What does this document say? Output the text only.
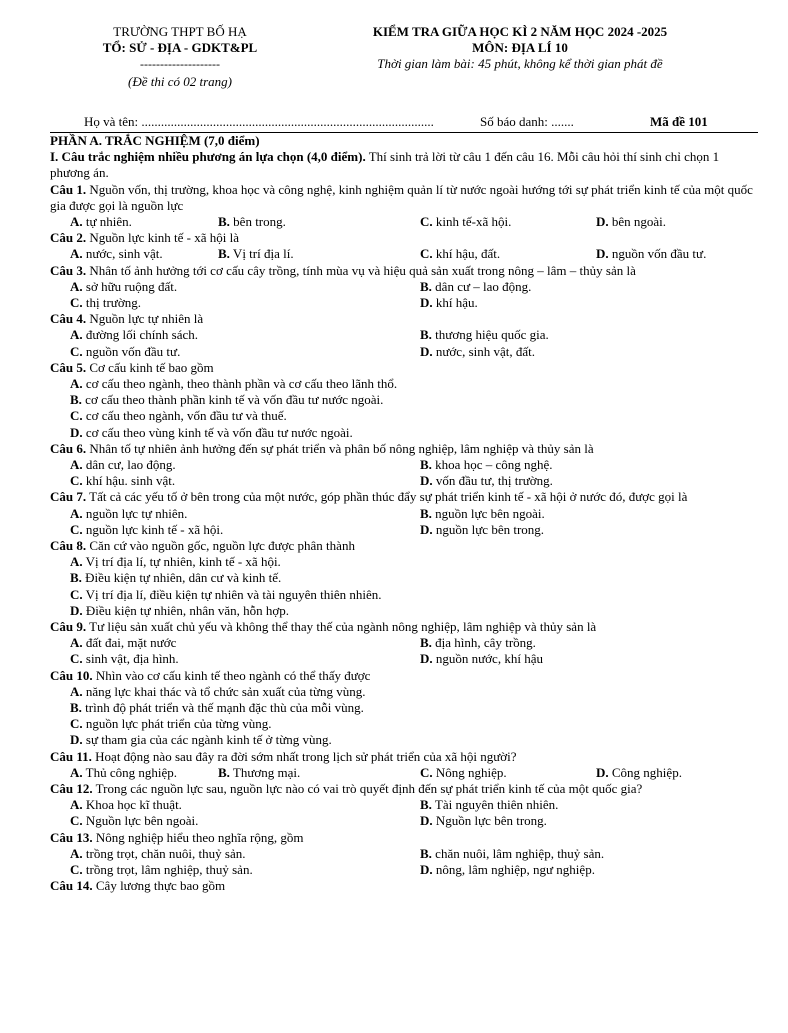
TRƯỜNG THPT BỐ HẠ
TỔ: SỬ - ĐỊA - GDKT&PL
--------------------
(Đề thi có 02 trang)
KIỂM TRA GIỮA HỌC KÌ 2 NĂM HỌC 2024 -2025
MÔN: ĐỊA LÍ 10
Thời gian làm bài: 45 phút, không kể thời gian phát đề
Họ và tên: ..........................................................................................	Số báo danh: .......	Mã đề 101
PHẦN A. TRẮC NGHIỆM (7,0 điểm)
I. Câu trắc nghiệm nhiều phương án lựa chọn (4,0 điểm). Thí sinh trả lời từ câu 1 đến câu 16. Mỗi câu hỏi thí sinh chỉ chọn 1 phương án.
Câu 1. Nguồn vốn, thị trường, khoa học và công nghệ, kinh nghiệm quản lí từ nước ngoài hướng tới sự phát triển kinh tế của một quốc gia được gọi là nguồn lực
A. tự nhiên.	B. bên trong.	C. kinh tế-xã hội.	D. bên ngoài.
Câu 2. Nguồn lực kinh tế - xã hội là
A. nước, sinh vật.	B. Vị trí địa lí.	C. khí hậu, đất.	D. nguồn vốn đầu tư.
Câu 3. Nhân tố ảnh hưởng tới cơ cấu cây trồng, tính mùa vụ và hiệu quả sản xuất trong nông – lâm – thủy sản là
A. sở hữu ruộng đất.	B. dân cư – lao động.
C. thị trường.	D. khí hậu.
Câu 4. Nguồn lực tự nhiên là
A. đường lối chính sách.	B. thương hiệu quốc gia.
C. nguồn vốn đầu tư.	D. nước, sinh vật, đất.
Câu 5. Cơ cấu kinh tế bao gồm
A. cơ cấu theo ngành, theo thành phần và cơ cấu theo lãnh thổ.
B. cơ cấu theo thành phần kinh tế và vốn đầu tư nước ngoài.
C. cơ cấu theo ngành, vốn đầu tư và thuế.
D. cơ cấu theo vùng kinh tế và vốn đầu tư nước ngoài.
Câu 6. Nhân tố tự nhiên ảnh hưởng đến sự phát triển và phân bố nông nghiệp, lâm nghiệp và thủy sản là
A. dân cư, lao động.	B. khoa học – công nghệ.
C. khí hậu. sinh vật.	D. vốn đầu tư, thị trường.
Câu 7. Tất cả các yếu tố ở bên trong của một nước, góp phần thúc đẩy sự phát triển kinh tế - xã hội ở nước đó, được gọi là
A. nguồn lực tự nhiên.	B. nguồn lực bên ngoài.
C. nguồn lực kinh tế - xã hội.	D. nguồn lực bên trong.
Câu 8. Căn cứ vào nguồn gốc, nguồn lực được phân thành
A. Vị trí địa lí, tự nhiên, kinh tế - xã hội.
B. Điều kiện tự nhiên, dân cư và kinh tế.
C. Vị trí địa lí, điều kiện tự nhiên và tài nguyên thiên nhiên.
D. Điều kiện tự nhiên, nhân văn, hỗn hợp.
Câu 9. Tư liệu sản xuất chủ yếu và không thể thay thế của ngành nông nghiệp, lâm nghiệp và thủy sản là
A. đất đai, mặt nước	B. địa hình, cây trồng.
C. sinh vật, địa hình.	D. nguồn nước, khí hậu
Câu 10. Nhìn vào cơ cấu kinh tế theo ngành có thể thấy được
A. năng lực khai thác và tổ chức sản xuất của từng vùng.
B. trình độ phát triển và thế mạnh đặc thù của mỗi vùng.
C. nguồn lực phát triển của từng vùng.
D. sự tham gia của các ngành kinh tế ở từng vùng.
Câu 11. Hoạt động nào sau đây ra đời sớm nhất trong lịch sử phát triển của xã hội người?
A. Thủ công nghiệp.	B. Thương mại.	C. Nông nghiệp.	D. Công nghiệp.
Câu 12. Trong các nguồn lực sau, nguồn lực nào có vai trò quyết định đến sự phát triển kinh tế của một quốc gia?
A. Khoa học kĩ thuật.	B. Tài nguyên thiên nhiên.
C. Nguồn lực bên ngoài.	D. Nguồn lực bên trong.
Câu 13. Nông nghiệp hiểu theo nghĩa rộng, gồm
A. trồng trọt, chăn nuôi, thuỷ sản.	B. chăn nuôi, lâm nghiệp, thuỷ sản.
C. trồng trọt, lâm nghiệp, thuỷ sản.	D. nông, lâm nghiệp, ngư nghiệp.
Câu 14. Cây lương thực bao gồm
